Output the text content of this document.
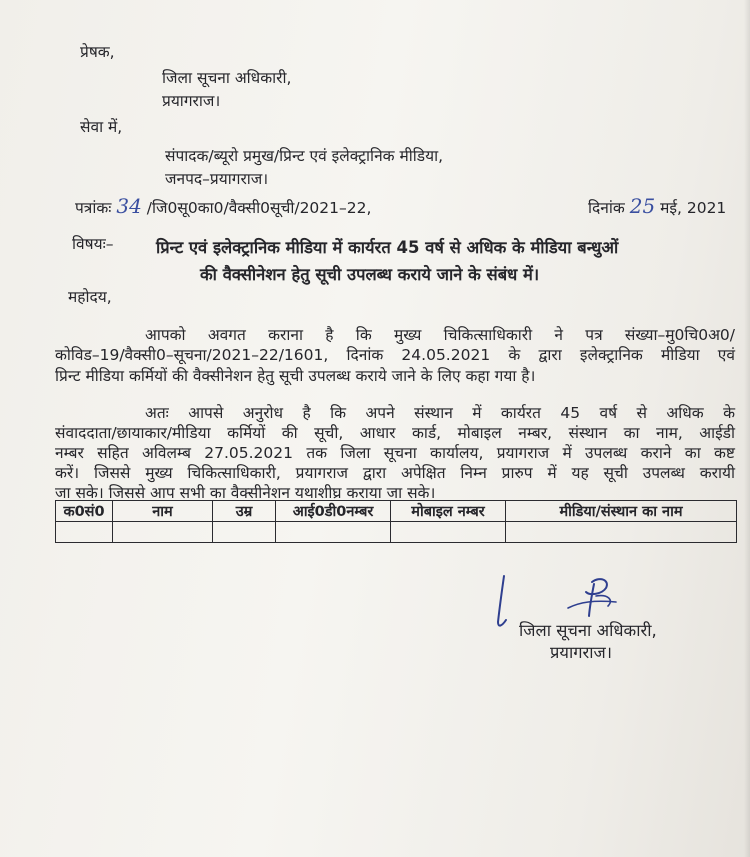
प्रेषक,
जिला सूचना अधिकारी,
प्रयागराज।
सेवा में,
संपादक/ब्यूरो प्रमुख/प्रिन्ट एवं इलेक्ट्रानिक मीडिया,
जनपद–प्रयागराज।
पत्रांकः 34 /जि0सू0का0/वैक्सी0सूची/2021–22,	दिनांक 25 मई, 2021
विषयः–	प्रिन्ट एवं इलेक्ट्रानिक मीडिया में कार्यरत 45 वर्ष से अधिक के मीडिया बन्धुओं
की वैक्सीनेशन हेतु सूची उपलब्ध कराये जाने के संबंध में।
महोदय,
आपको अवगत कराना है कि मुख्य चिकित्साधिकारी ने पत्र संख्या–मु0चि0अ0/
कोविड–19/वैक्सी0–सूचना/2021–22/1601, दिनांक 24.05.2021 के द्वारा इलेक्ट्रानिक मीडिया एवं
प्रिन्ट मीडिया कर्मियों की वैक्सीनेशन हेतु सूची उपलब्ध कराये जाने के लिए कहा गया है।
अतः आपसे अनुरोध है कि अपने संस्थान में कार्यरत 45 वर्ष से अधिक के
संवाददाता/छायाकार/मीडिया कर्मियों की सूची, आधार कार्ड, मोबाइल नम्बर, संस्थान का नाम, आईडी
नम्बर सहित अविलम्ब 27.05.2021 तक जिला सूचना कार्यालय, प्रयागराज में उपलब्ध कराने का कष्ट
करें। जिससे मुख्य चिकित्साधिकारी, प्रयागराज द्वारा अपेक्षित निम्न प्रारुप में यह सूची उपलब्ध करायी
जा सके। जिससे आप सभी का वैक्सीनेशन यथाशीघ्र कराया जा सके।
क0सं0	नाम	उम्र	आई0डी0नम्बर	मोबाइल नम्बर	मीडिया/संस्थान का नाम

जिला सूचना अधिकारी,
प्रयागराज।
